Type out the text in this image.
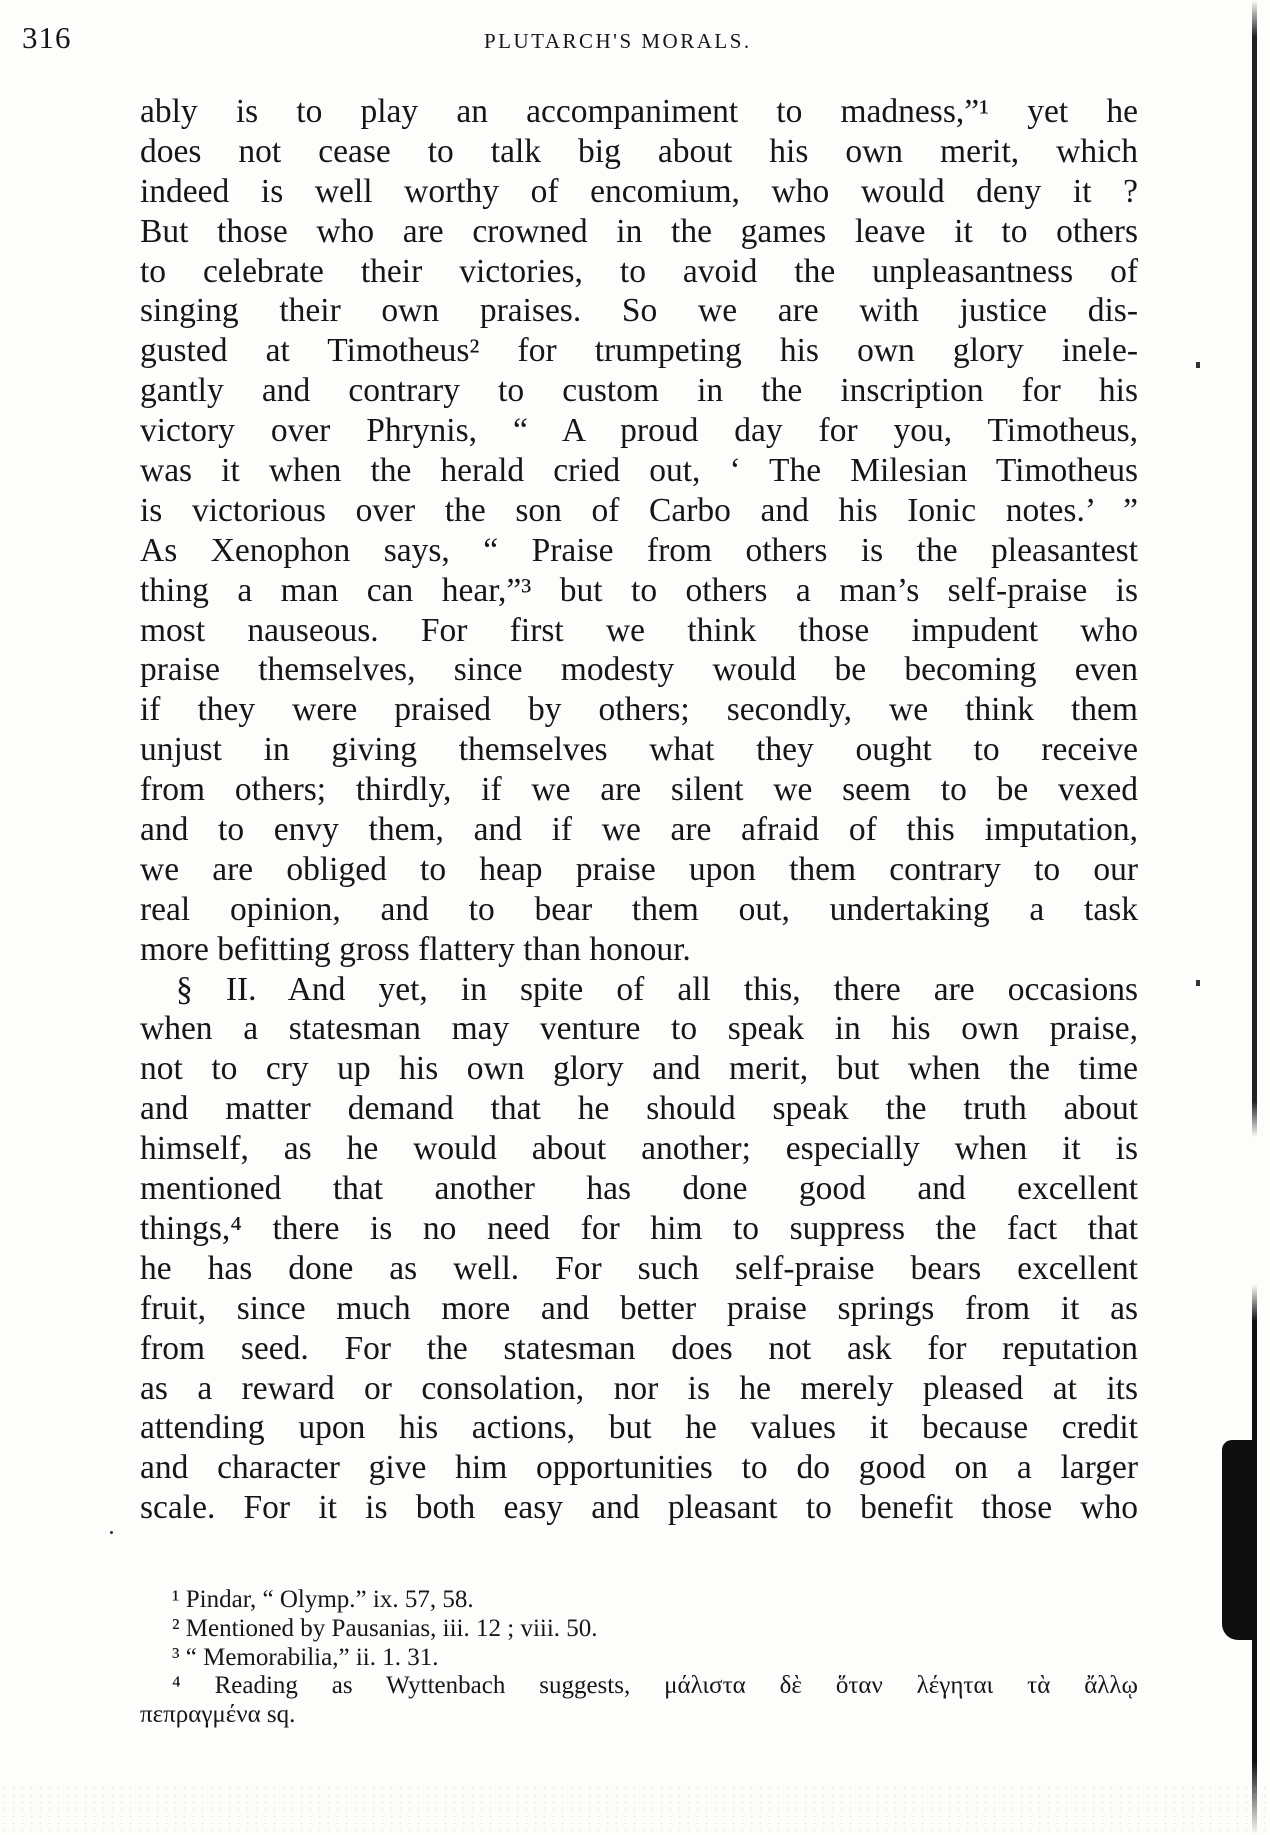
316	PLUTARCH'S MORALS.
ably is to play an accompaniment to madness,”¹ yet he
does not cease to talk big about his own merit, which
indeed is well worthy of encomium, who would deny it ?
But those who are crowned in the games leave it to others
to celebrate their victories, to avoid the unpleasantness of
singing their own praises. So we are with justice dis-
gusted at Timotheus² for trumpeting his own glory inele-
gantly and contrary to custom in the inscription for his
victory over Phrynis, “ A proud day for you, Timotheus,
was it when the herald cried out, ‘ The Milesian Timotheus
is victorious over the son of Carbo and his Ionic notes.’ ”
As Xenophon says, “ Praise from others is the pleasantest
thing a man can hear,”³ but to others a man’s self-praise is
most nauseous. For first we think those impudent who
praise themselves, since modesty would be becoming even
if they were praised by others; secondly, we think them
unjust in giving themselves what they ought to receive
from others; thirdly, if we are silent we seem to be vexed
and to envy them, and if we are afraid of this imputation,
we are obliged to heap praise upon them contrary to our
real opinion, and to bear them out, undertaking a task
more befitting gross flattery than honour.
§ II. And yet, in spite of all this, there are occasions
when a statesman may venture to speak in his own praise,
not to cry up his own glory and merit, but when the time
and matter demand that he should speak the truth about
himself, as he would about another; especially when it is
mentioned that another has done good and excellent
things,⁴ there is no need for him to suppress the fact that
he has done as well. For such self-praise bears excellent
fruit, since much more and better praise springs from it as
from seed. For the statesman does not ask for reputation
as a reward or consolation, nor is he merely pleased at its
attending upon his actions, but he values it because credit
and character give him opportunities to do good on a larger
scale. For it is both easy and pleasant to benefit those who
¹ Pindar, “ Olymp.” ix. 57, 58.
² Mentioned by Pausanias, iii. 12 ; viii. 50.
³ “ Memorabilia,” ii. 1. 31.
⁴ Reading as Wyttenbach suggests, μάλιστα δὲ ὅταν λέγηται τὰ ἄλλῳ
πεπραγμένα sq.
